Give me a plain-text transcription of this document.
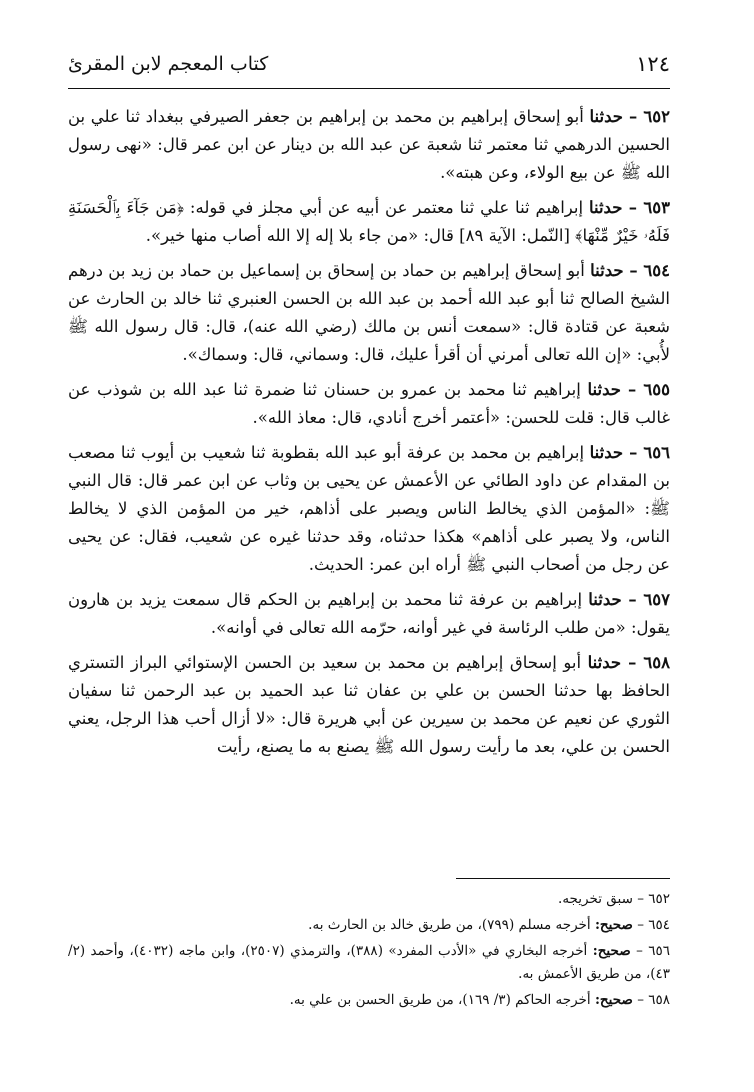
١٢٤
كتاب المعجم لابن المقرئ

٦٥٢ – حدثنا أبو إسحاق إبراهيم بن محمد بن إبراهيم بن جعفر الصيرفي ببغداد ثنا علي بن الحسين الدرهمي ثنا معتمر ثنا شعبة عن عبد الله بن دينار عن ابن عمر قال: «نهى رسول الله ﷺ عن بيع الولاء، وعن هبته».

٦٥٣ – حدثنا إبراهيم ثنا علي ثنا معتمر عن أبيه عن أبي مجلز في قوله: ﴿مَن جَآءَ بِٱلْحَسَنَةِ فَلَهُۥ خَيْرٌ مِّنْهَا﴾ [النّمل: الآية ٨٩] قال: «من جاء بلا إله إلا الله أصاب منها خير».

٦٥٤ – حدثنا أبو إسحاق إبراهيم بن حماد بن إسحاق بن إسماعيل بن حماد بن زيد بن درهم الشيخ الصالح ثنا أبو عبد الله أحمد بن عبد الله بن الحسن العنبري ثنا خالد بن الحارث عن شعبة عن قتادة قال: «سمعت أنس بن مالك (رضي الله عنه)، قال: قال رسول الله ﷺ لأُبي: «إن الله تعالى أمرني أن أقرأ عليك، قال: وسماني، قال: وسماك».

٦٥٥ – حدثنا إبراهيم ثنا محمد بن عمرو بن حسنان ثنا ضمرة ثنا عبد الله بن شوذب عن غالب قال: قلت للحسن: «أعتمر أخرج أنادي، قال: معاذ الله».

٦٥٦ – حدثنا إبراهيم بن محمد بن عرفة أبو عبد الله بقطوبة ثنا شعيب بن أيوب ثنا مصعب بن المقدام عن داود الطائي عن الأعمش عن يحيى بن وثاب عن ابن عمر قال: قال النبي ﷺ: «المؤمن الذي يخالط الناس ويصبر على أذاهم، خير من المؤمن الذي لا يخالط الناس، ولا يصبر على أذاهم» هكذا حدثناه، وقد حدثنا غيره عن شعيب، فقال: عن يحيى عن رجل من أصحاب النبي ﷺ أراه ابن عمر: الحديث.

٦٥٧ – حدثنا إبراهيم بن عرفة ثنا محمد بن إبراهيم بن الحكم قال سمعت يزيد بن هارون يقول: «من طلب الرئاسة في غير أوانه، حرّمه الله تعالى في أوانه».

٦٥٨ – حدثنا أبو إسحاق إبراهيم بن محمد بن سعيد بن الحسن الإستوائي البراز التستري الحافظ بها حدثنا الحسن بن علي بن عفان ثنا عبد الحميد بن عبد الرحمن ثنا سفيان الثوري عن نعيم عن محمد بن سيرين عن أبي هريرة قال: «لا أزال أحب هذا الرجل، يعني الحسن بن علي، بعد ما رأيت رسول الله ﷺ يصنع به ما يصنع، رأيت

٦٥٢ – سبق تخريجه.

٦٥٤ – صحيح: أخرجه مسلم (٧٩٩)، من طريق خالد بن الحارث به.

٦٥٦ – صحيح: أخرجه البخاري في «الأدب المفرد» (٣٨٨)، والترمذي (٢٥٠٧)، وابن ماجه (٤٠٣٢)، وأحمد (٢/ ٤٣)، من طريق الأعمش به.

٦٥٨ – صحيح: أخرجه الحاكم (٣/ ١٦٩)، من طريق الحسن بن علي به.
